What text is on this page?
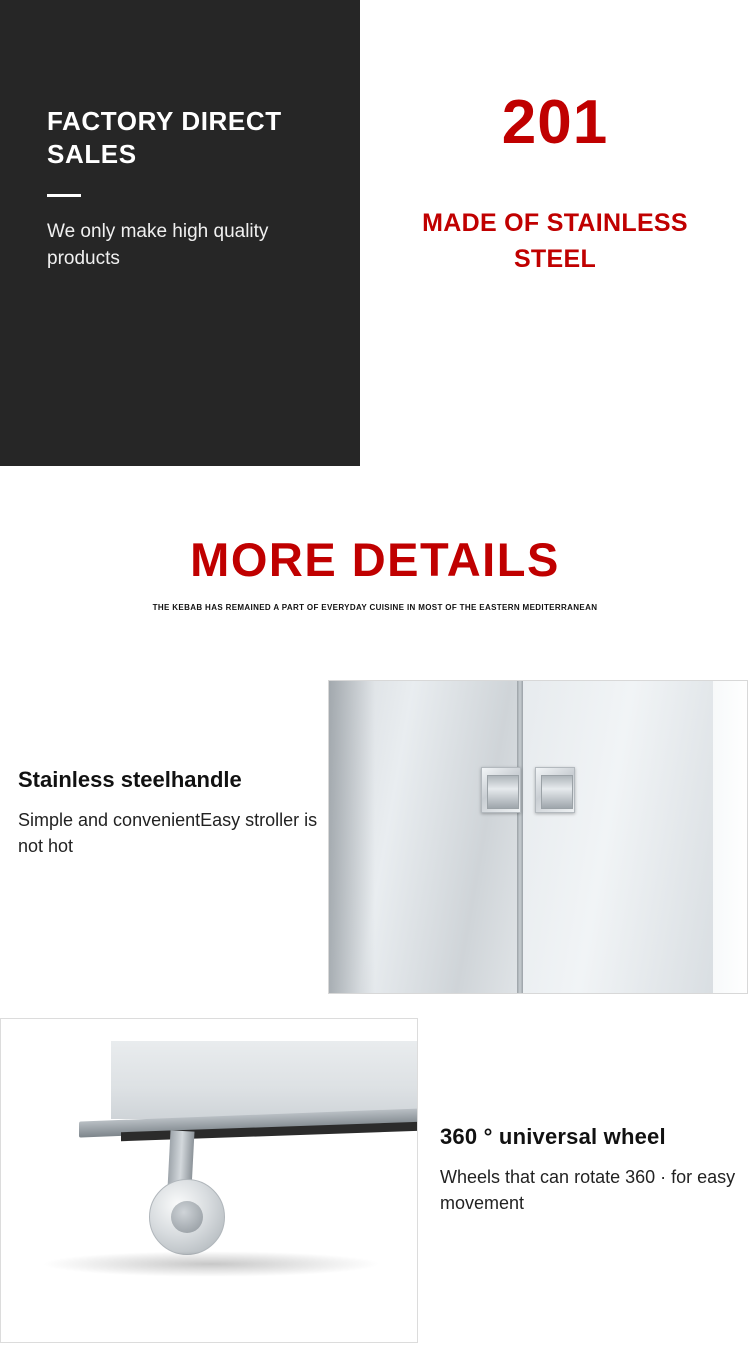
FACTORY DIRECT SALES
We only make high quality products
201
MADE OF STAINLESS STEEL
MORE DETAILS
THE KEBAB HAS REMAINED A PART OF EVERYDAY CUISINE IN MOST OF THE EASTERN MEDITERRANEAN
Stainless steelhandle
Simple and convenientEasy stroller is not hot
360 ° universal wheel
Wheels that can rotate 360 · for easy movement
